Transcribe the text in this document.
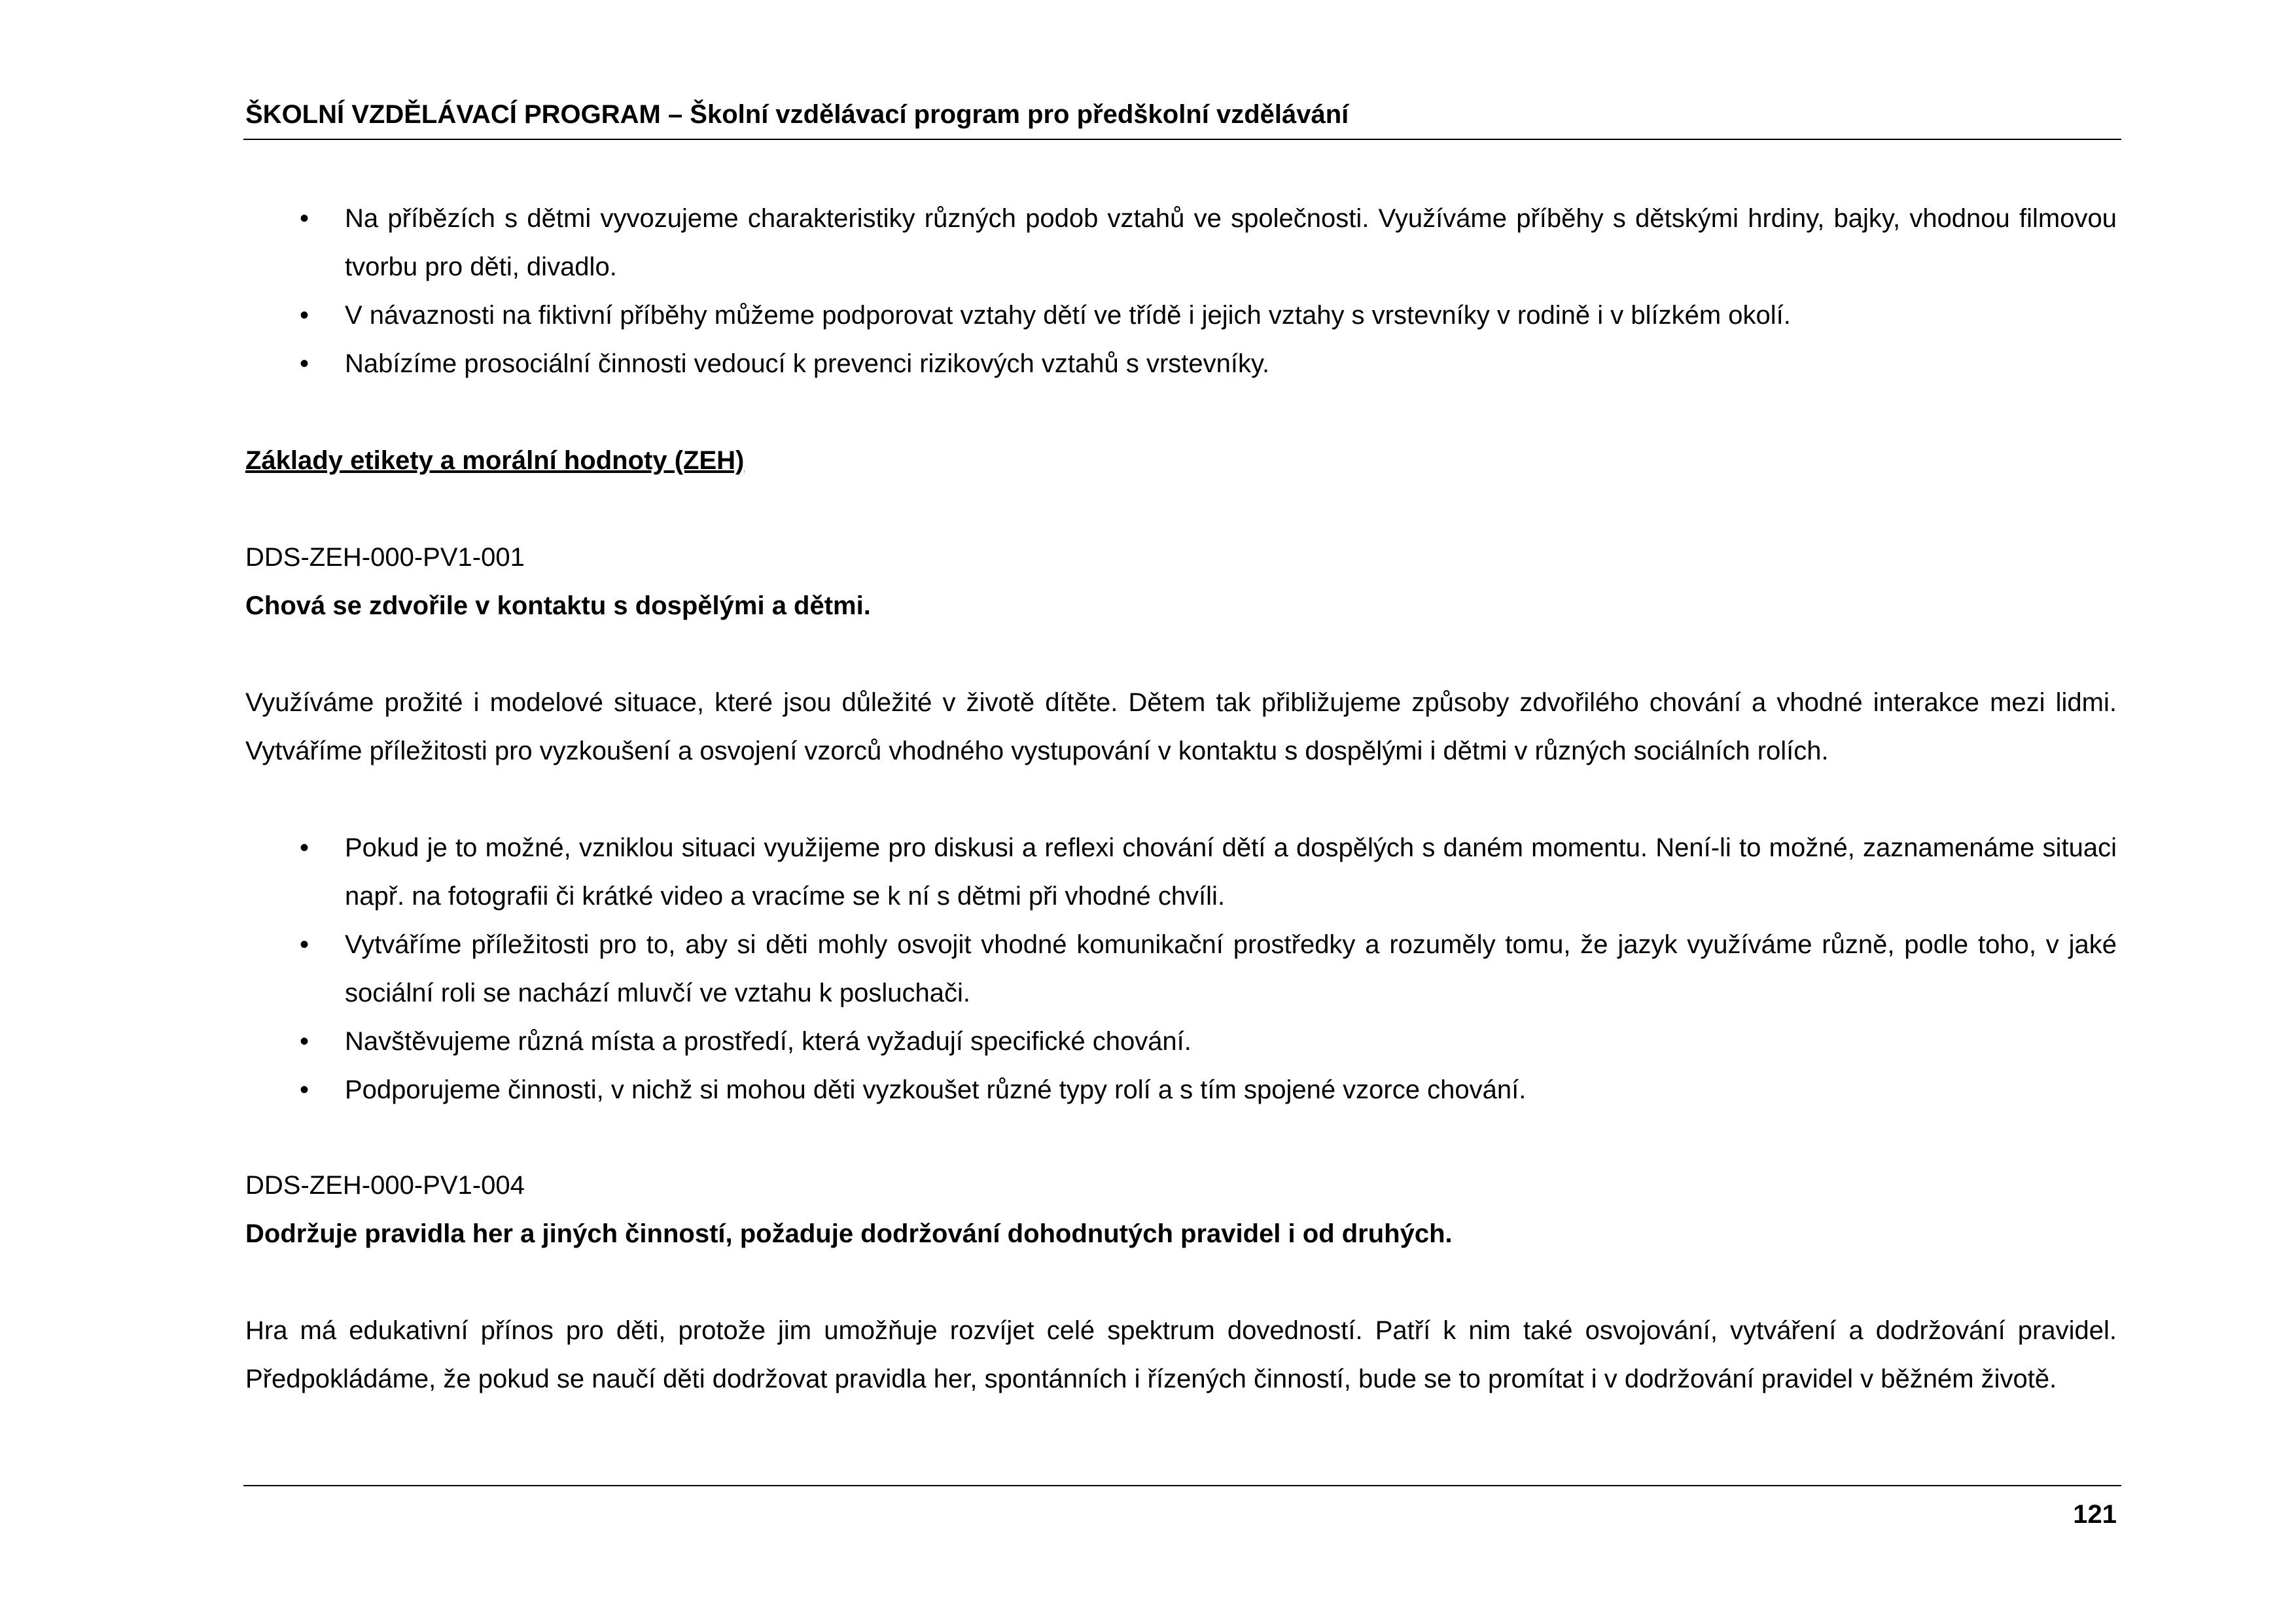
ŠKOLNÍ VZDĚLÁVACÍ PROGRAM – Školní vzdělávací program pro předškolní vzdělávání
• Na příbězích s dětmi vyvozujeme charakteristiky různých podob vztahů ve společnosti. Využíváme příběhy s dětskými hrdiny, bajky, vhodnou filmovou tvorbu pro děti, divadlo.
• V návaznosti na fiktivní příběhy můžeme podporovat vztahy dětí ve třídě i jejich vztahy s vrstevníky v rodině i v blízkém okolí.
• Nabízíme prosociální činnosti vedoucí k prevenci rizikových vztahů s vrstevníky.

Základy etikety a morální hodnoty (ZEH)

DDS-ZEH-000-PV1-001

Chová se zdvořile v kontaktu s dospělými a dětmi.

Využíváme prožité i modelové situace, které jsou důležité v životě dítěte. Dětem tak přibližujeme způsoby zdvořilého chování a vhodné interakce mezi lidmi. Vytváříme příležitosti pro vyzkoušení a osvojení vzorců vhodného vystupování v kontaktu s dospělými i dětmi v různých sociálních rolích.

• Pokud je to možné, vzniklou situaci využijeme pro diskusi a reflexi chování dětí a dospělých s daném momentu. Není-li to možné, zaznamenáme situaci např. na fotografii či krátké video a vracíme se k ní s dětmi při vhodné chvíli.
• Vytváříme příležitosti pro to, aby si děti mohly osvojit vhodné komunikační prostředky a rozuměly tomu, že jazyk využíváme různě, podle toho, v jaké sociální roli se nachází mluvčí ve vztahu k posluchači.
• Navštěvujeme různá místa a prostředí, která vyžadují specifické chování.
• Podporujeme činnosti, v nichž si mohou děti vyzkoušet různé typy rolí a s tím spojené vzorce chování.

DDS-ZEH-000-PV1-004

Dodržuje pravidla her a jiných činností, požaduje dodržování dohodnutých pravidel i od druhých.

Hra má edukativní přínos pro děti, protože jim umožňuje rozvíjet celé spektrum dovedností. Patří k nim také osvojování, vytváření a dodržování pravidel. Předpokládáme, že pokud se naučí děti dodržovat pravidla her, spontánních i řízených činností, bude se to promítat i v dodržování pravidel v běžném životě.

121
